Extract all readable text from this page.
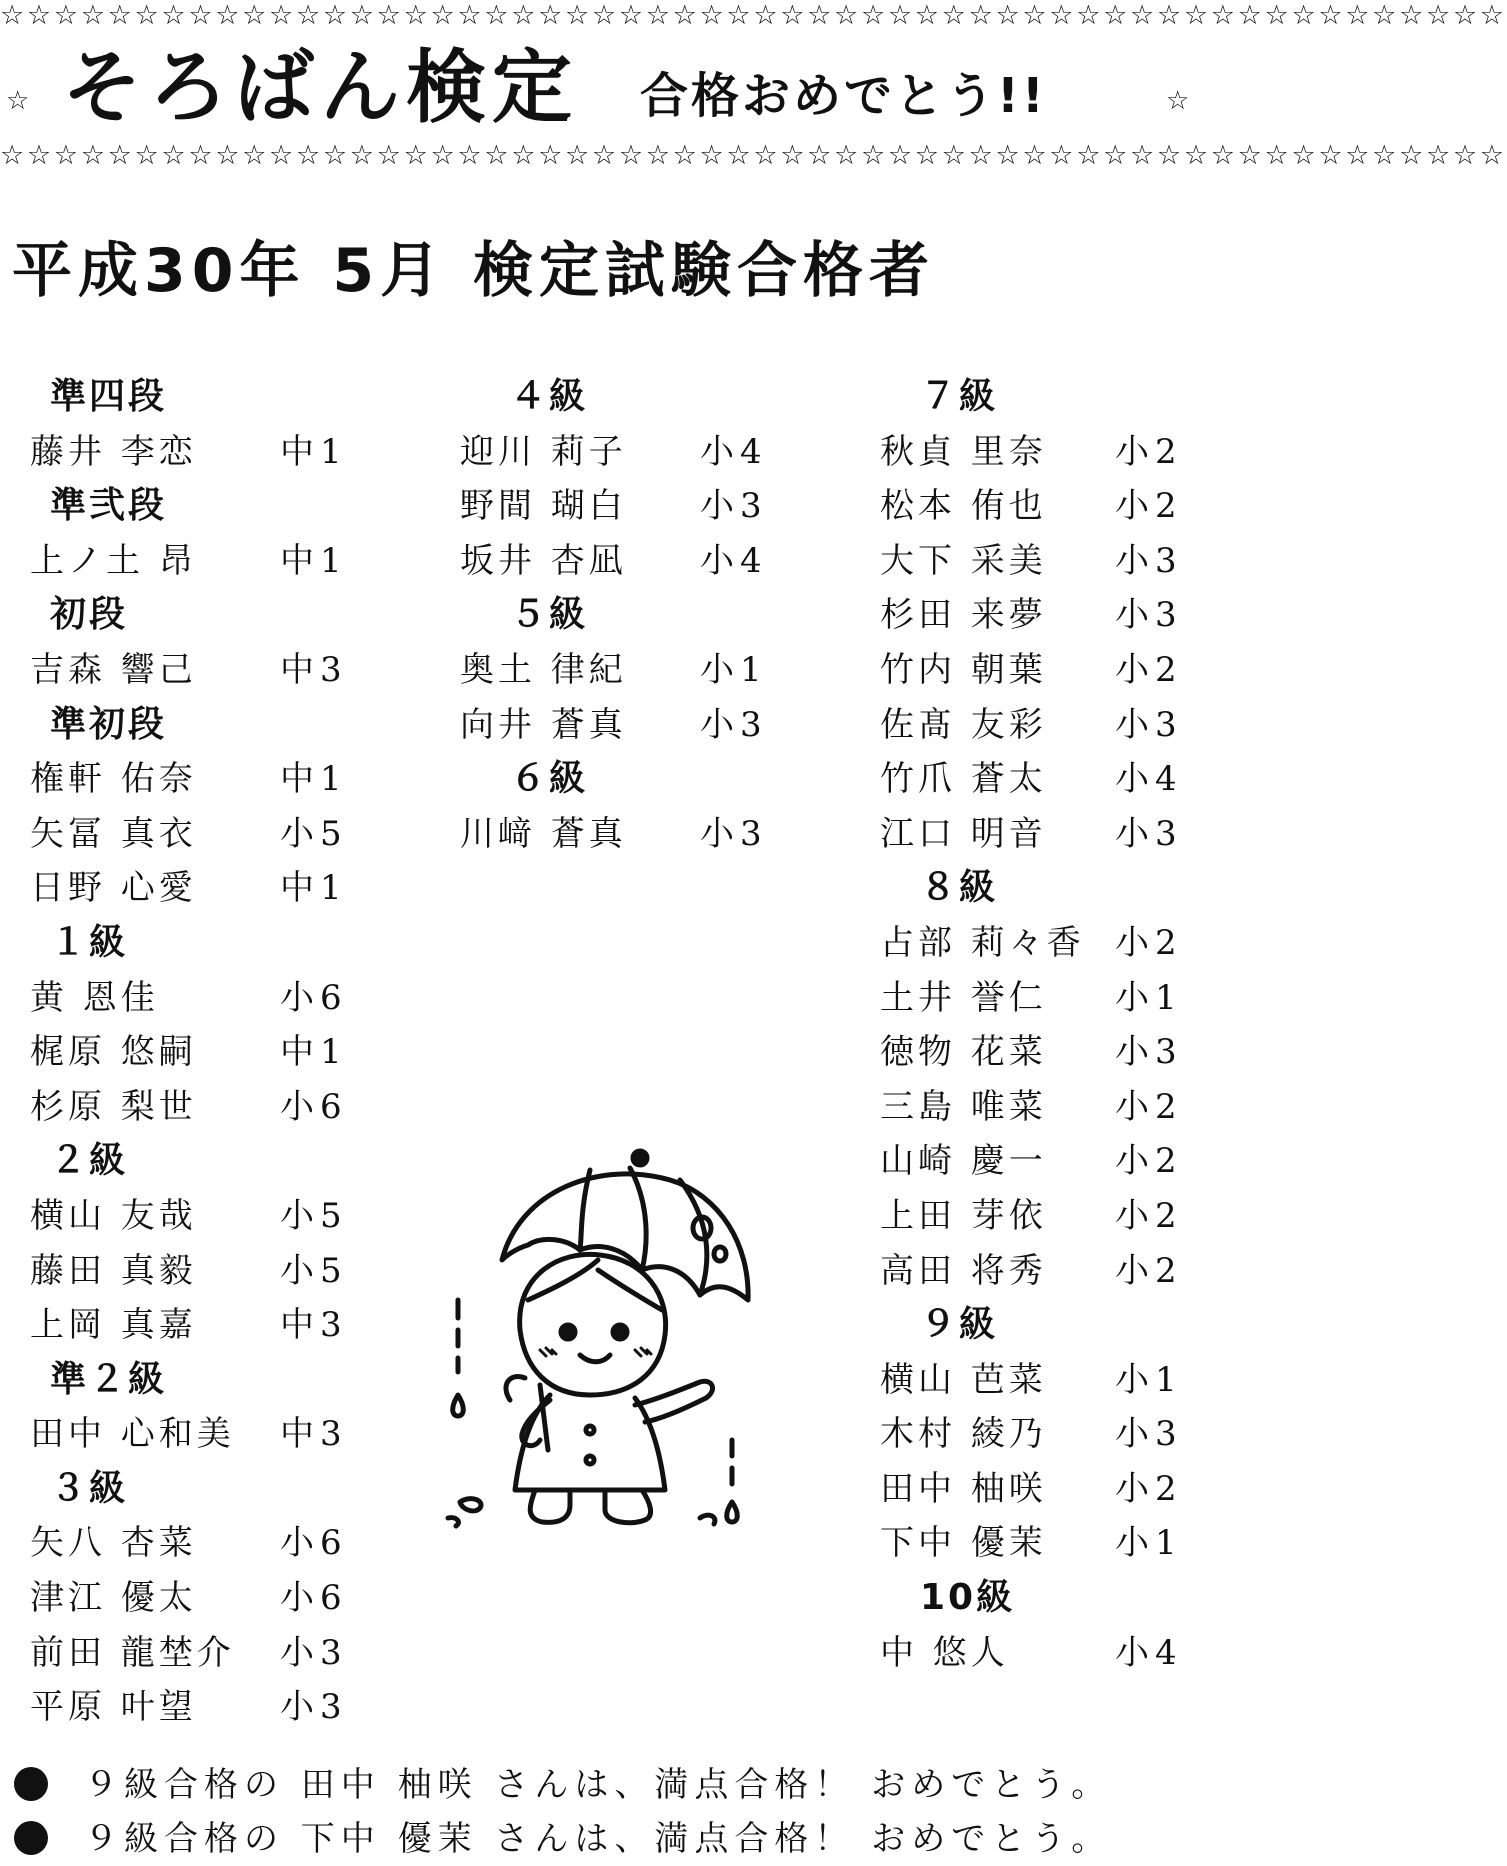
☆☆☆☆☆☆☆☆☆☆☆☆☆☆☆☆☆☆☆☆☆☆☆☆☆☆☆☆☆☆☆☆☆☆☆☆☆☆☆☆☆☆☆☆☆☆☆☆☆☆☆☆☆☆☆☆
☆ そろばん検定 合格おめでとう!!	☆
☆☆☆☆☆☆☆☆☆☆☆☆☆☆☆☆☆☆☆☆☆☆☆☆☆☆☆☆☆☆☆☆☆☆☆☆☆☆☆☆☆☆☆☆☆☆☆☆☆☆☆☆☆☆☆☆
平成30年 5月 検定試験合格者
準四段
藤井 李恋 中1
準弐段
上ノ土 昂 中1
初段
吉森 響己 中3
準初段
権軒 佑奈 中1
矢冨 真衣 小5
日野 心愛 中1
１級
黄 恩佳	小6
梶原 悠嗣 中1
杉原 梨世 小6
２級
横山 友哉 小5
藤田 真毅 小5
上岡 真嘉 中3
準２級
田中 心和美 中3
３級
矢八 杏菜 小6
津江 優太 小6
前田 龍埜介 小3
平原 叶望 小3
４級
迎川 莉子 小4
野間 瑚白 小3
坂井 杏凪 小4
５級
奥土 律紀 小1
向井 蒼真 小3
６級
川﨑 蒼真 小3
７級
秋貞 里奈 小2
松本 侑也 小2
大下 采美 小3
杉田 来夢 小3
竹内 朝葉 小2
佐髙 友彩 小3
竹爪 蒼太 小4
江口 明音 小3
８級
占部 莉々香 小2
土井 誉仁 小1
徳物 花菜 小3
三島 唯菜 小2
山崎 慶一 小2
上田 芽依 小2
高田 将秀 小2
９級
横山 芭菜 小1
木村 綾乃 小3
田中 柚咲 小2
下中 優茉 小1
10級
中 悠人	小4
９級合格の 田中 柚咲 さんは、満点合格！ おめでとう。
９級合格の 下中 優茉 さんは、満点合格！ おめでとう。
